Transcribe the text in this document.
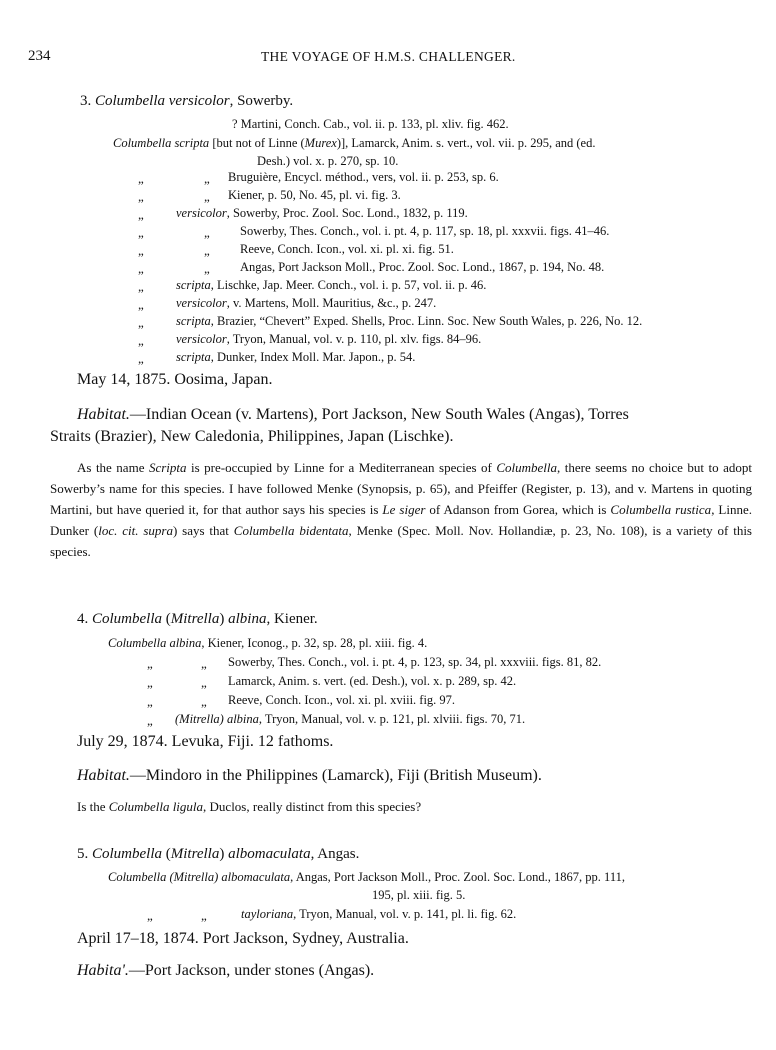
234	THE VOYAGE OF H.M.S. CHALLENGER.
3. Columbella versicolor, Sowerby.
? Martini, Conch. Cab., vol. ii. p. 133, pl. xliv. fig. 462.
Columbella scripta [but not of Linne (Murex)], Lamarck, Anim. s. vert., vol. vii. p. 295, and (ed.
Desh.) vol. x. p. 270, sp. 10.
„	„ Bruguière, Encycl. méthod., vers, vol. ii. p. 253, sp. 6.
„	„ Kiener, p. 50, No. 45, pl. vi. fig. 3.
„	versicolor, Sowerby, Proc. Zool. Soc. Lond., 1832, p. 119.
„	„ Sowerby, Thes. Conch., vol. i. pt. 4, p. 117, sp. 18, pl. xxxvii. figs. 41–46.
„	„ Reeve, Conch. Icon., vol. xi. pl. xi. fig. 51.
„	„ Angas, Port Jackson Moll., Proc. Zool. Soc. Lond., 1867, p. 194, No. 48.
„	scripta, Lischke, Jap. Meer. Conch., vol. i. p. 57, vol. ii. p. 46.
„	versicolor, v. Martens, Moll. Mauritius, &c., p. 247.
„	scripta, Brazier, “Chevert” Exped. Shells, Proc. Linn. Soc. New South Wales, p. 226, No. 12.
„	versicolor, Tryon, Manual, vol. v. p. 110, pl. xlv. figs. 84–96.
„	scripta, Dunker, Index Moll. Mar. Japon., p. 54.
May 14, 1875. Oosima, Japan.
Habitat.—Indian Ocean (v. Martens), Port Jackson, New South Wales (Angas), Torres
Straits (Brazier), New Caledonia, Philippines, Japan (Lischke).
As the name Scripta is pre-occupied by Linne for a Mediterranean species of Columbella, there seems no choice but to adopt Sowerby’s name for this species. I have followed Menke (Synopsis, p. 65), and Pfeiffer (Register, p. 13), and v. Martens in quoting Martini, but have queried it, for that author says his species is Le siger of Adanson from Gorea, which is Columbella rustica, Linne. Dunker (loc. cit. supra) says that Columbella bidentata, Menke (Spec. Moll. Nov. Hollandiæ, p. 23, No. 108), is a variety of this species.
4. Columbella (Mitrella) albina, Kiener.
Columbella albina, Kiener, Iconog., p. 32, sp. 28, pl. xiii. fig. 4.
„	„ Sowerby, Thes. Conch., vol. i. pt. 4, p. 123, sp. 34, pl. xxxviii. figs. 81, 82.
„	„ Lamarck, Anim. s. vert. (ed. Desh.), vol. x. p. 289, sp. 42.
„	„ Reeve, Conch. Icon., vol. xi. pl. xviii. fig. 97.
„ (Mitrella) albina, Tryon, Manual, vol. v. p. 121, pl. xlviii. figs. 70, 71.
July 29, 1874. Levuka, Fiji. 12 fathoms.
Habitat.—Mindoro in the Philippines (Lamarck), Fiji (British Museum).
Is the Columbella ligula, Duclos, really distinct from this species?
5. Columbella (Mitrella) albomaculata, Angas.
Columbella (Mitrella) albomaculata, Angas, Port Jackson Moll., Proc. Zool. Soc. Lond., 1867, pp. 111,
195, pl. xiii. fig. 5.
„	„	tayloriana, Tryon, Manual, vol. v. p. 141, pl. li. fig. 62.
April 17–18, 1874. Port Jackson, Sydney, Australia.
Habita'.—Port Jackson, under stones (Angas).
